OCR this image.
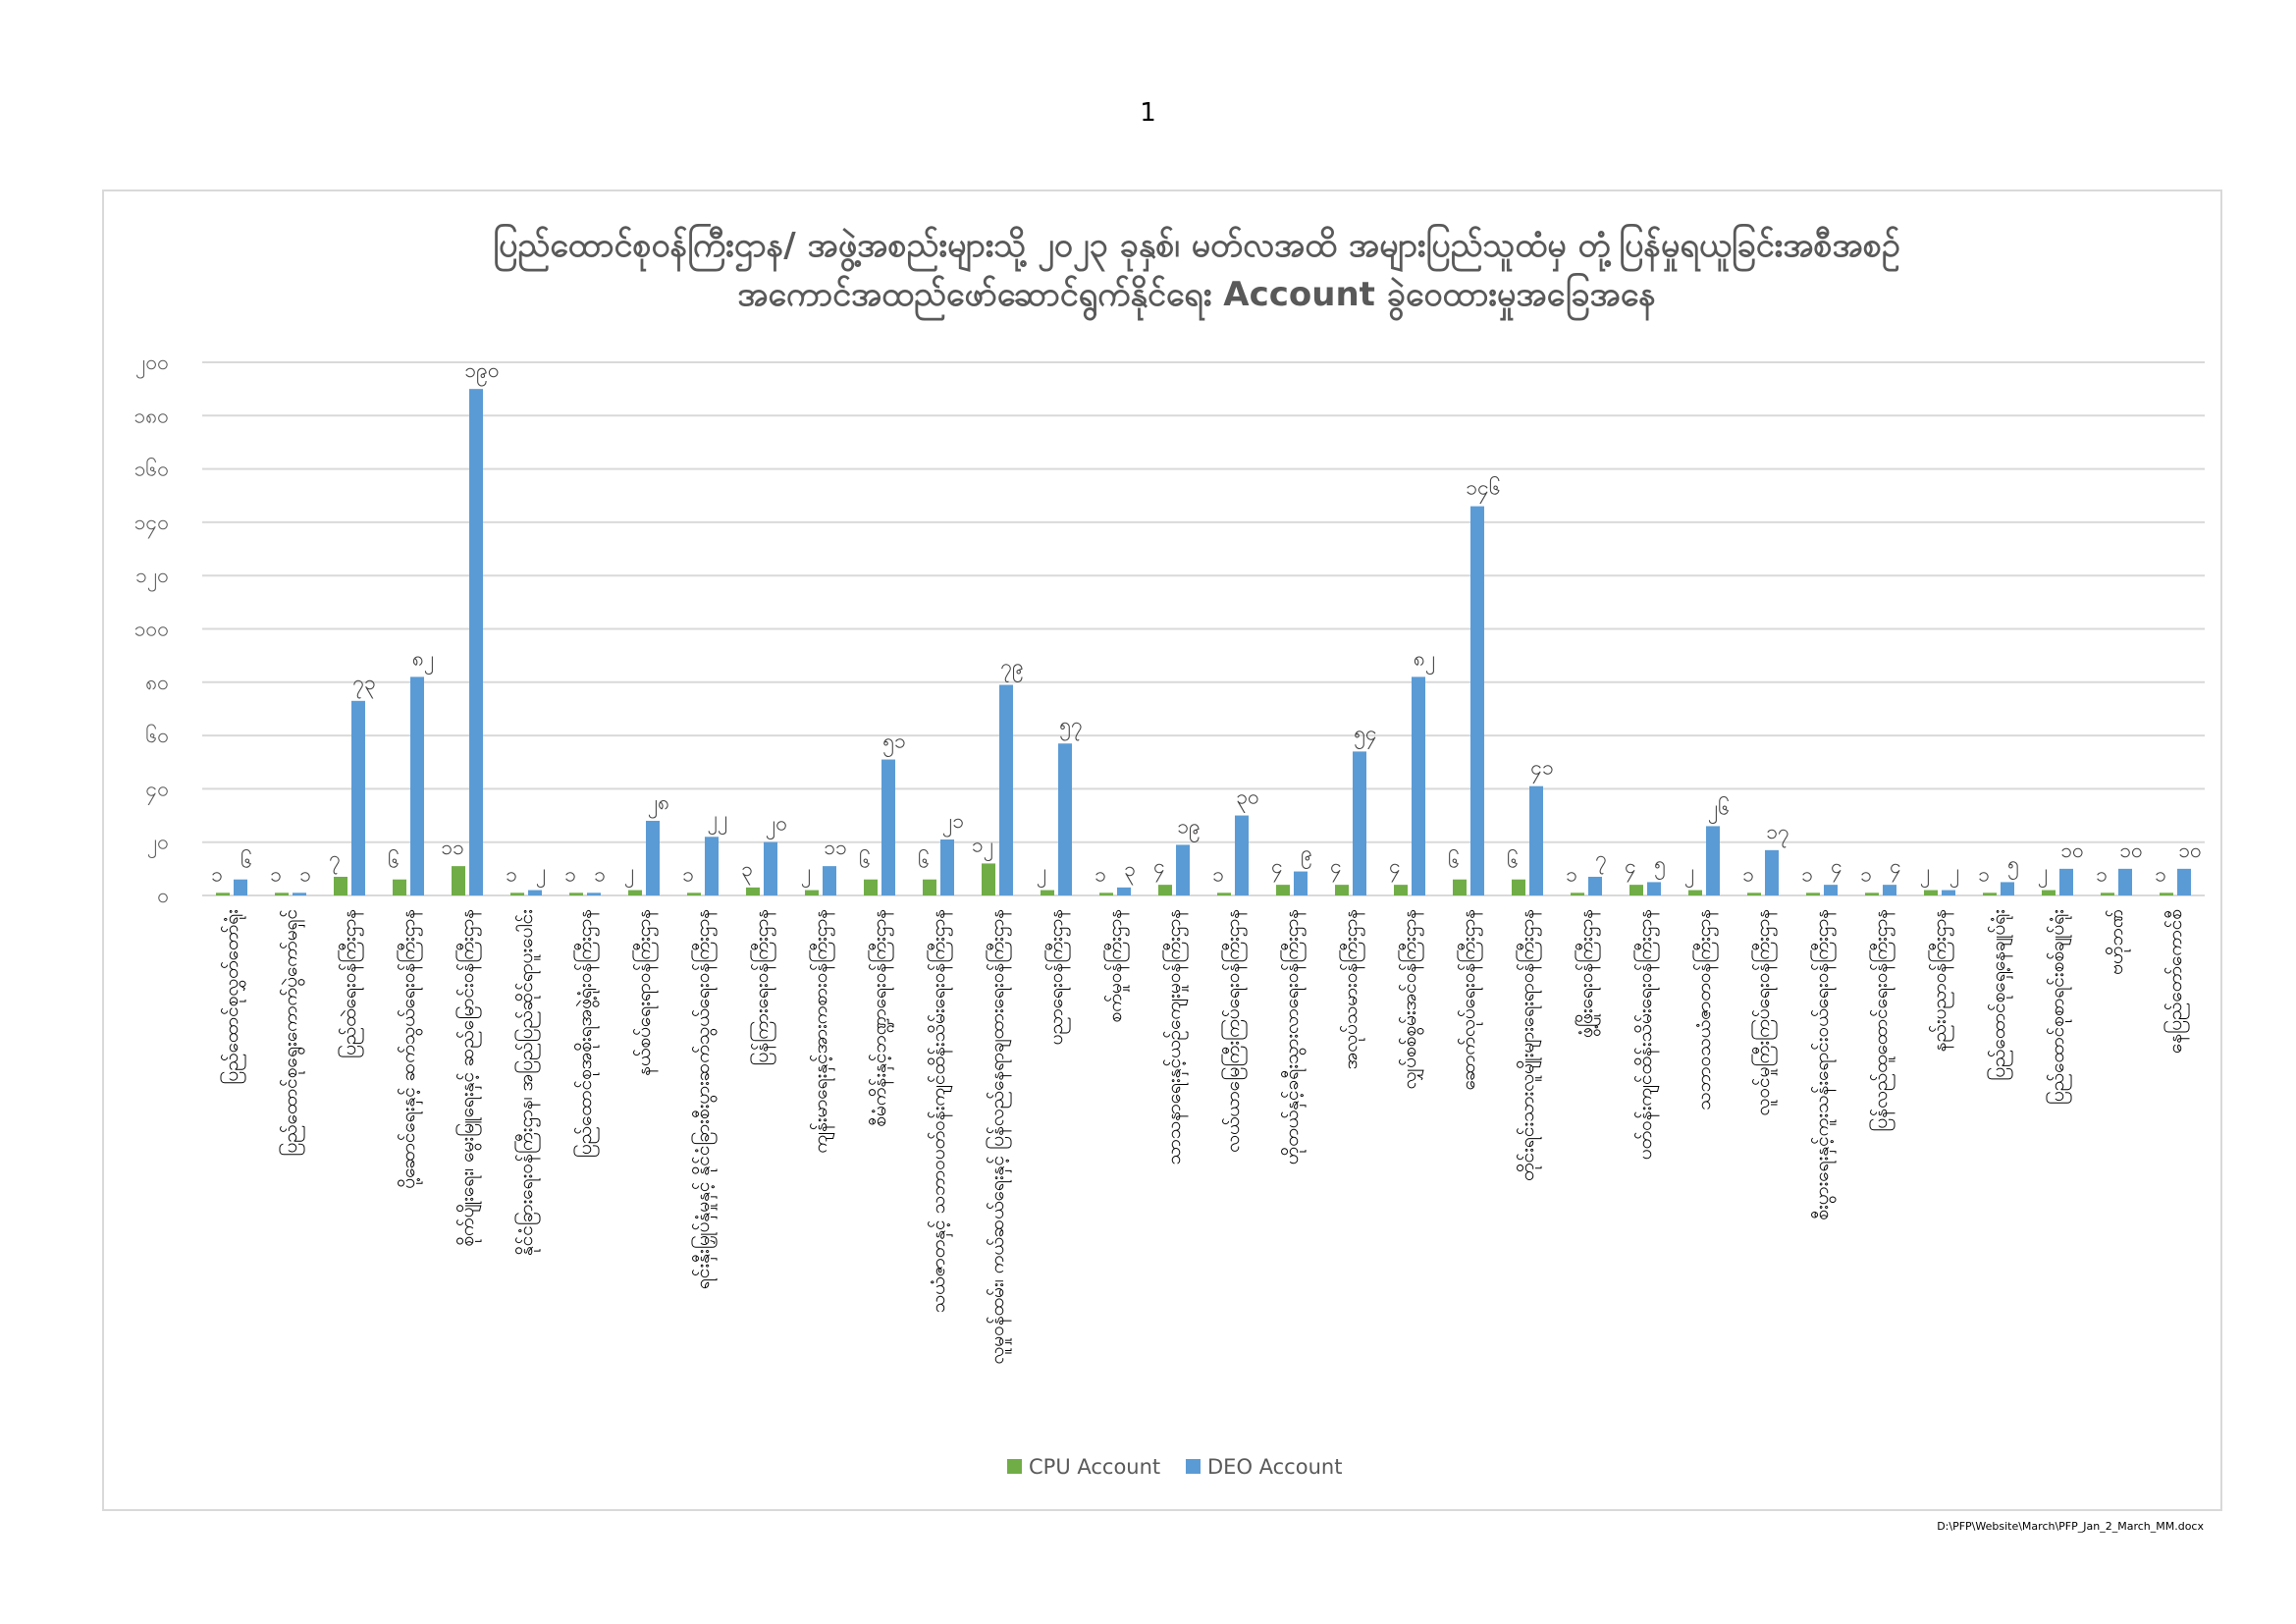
1
ပြည်ထောင်စုဝန်ကြီးဌာန/ အဖွဲ့အစည်းများသို့ ၂၀၂၃ ခုနှစ်၊ မတ်လအထိ အများပြည်သူထံမှ တုံ့ပြန်မှုရယူခြင်းအစီအစဉ်
အကောင်အထည်ဖော်ဆောင်ရွက်နိုင်ရေး Account ခွဲဝေထားမှုအခြေအနေ
၀
၂၀
၄၀
၆၀
၈၀
၁၀၀
၁၂၀
၁၄၀
၁၆၀
၁၈၀
၂၀၀
၁ ၁
၇ ၆
၁၁
၁ ၁ ၂ ၁ ၃ ၂ ၆ ၆
၁၂
၂ ၁ ၄ ၁ ၄ ၄ ၄ ၆ ၆
၁ ၄ ၂ ၁ ၁ ၁ ၂ ၁ ၂ ၁ ၁
၆
၁
၇၃
၈၂
၁၉၀
၂ ၁
၂၈
၂၂ ၂၀
၁၁
၅၁
၂၁
၇၉
၅၇
၃
၁၉
၃၀
၉
၅၄
၈၂
၁၄၆
၄၁
၇ ၅
၂၆
၁၇
၄ ၄ ၂ ၅
၁၀ ၁၀ ၁၀
ပြည်ထောင်စုလွှတ်တော်ရုံး ပြည်ထောင်စုရွေးကောက်ပွဲကော်မရှင် ပြည်ထဲရေးဝန်ကြီးဌာန ပို့ဆောင်ရေးနှင့် ဆက်သွယ်ရေးဝန်ကြီးဌာန စိုက်ပျိုးရေး၊ မွေးမြူရေးနှင့် ဆည်မြောင်းဝန်ကြီးဌာန နိုင်ငံခြားရေးဝန်ကြီးဌာန၊ အပြည်ပြည်ဆိုင်ရာပူးပေါင်း ပြည်ထောင်စုအစိုးရအဖွဲ့ရုံးဝန်ကြီးဌာန နယ်စပ်ရေးရာဝန်ကြီးဌာန ရင်းနှီးမြှုပ်နှံမှုနှင့် နိုင်ငံခြားစီးပွားဆက်သွယ်ရေးဝန်ကြီးဌာန ပြန်ကြားရေးဝန်ကြီးဌာန ကျန်းမာရေးနှင့်အားကစားဝန်ကြီးဌာန စီမံကိန်းနှင့်ဘဏ္ဍာရေးဝန်ကြီးဌာန သယံဇာတနှင့် သဘာဝပတ်ဝန်းကျင်ထိန်းသိမ်းရေးဝန်ကြီးဌာန လူမှုဝန်ထမ်း၊ ကယ်ဆယ်ရေးနှင့် ပြန်လည်နေရာချထားရေးဝန်ကြီးဌာန ပညာရေးဝန်ကြီးဌာန စက်မှုဝန်ကြီးဌာန သာသနာရေးနှင့်ယဉ်ကျေးမှုဝန်ကြီးဌာန လယ်ယာမြေကြီးကြပ်ရေးဝန်ကြီးဌာန ဟိုတယ်နှင့်ခရီးသွားလာရေးဝန်ကြီးဌာန အလုပ်သမားဝန်ကြီးဌာန လျှပ်စစ်စွမ်းအင်ဝန်ကြီးဌာန ဆောက်လုပ်ရေးဝန်ကြီးဌာန တိုင်းရင်းသားလူမျိုးများရေးရာဝန်ကြီးဌာန ဖွံ့ဖြိုးရေးဝန်ကြီးဌာန ပတ်ဝန်းကျင်ထိန်းသိမ်းရေးဝန်ကြီးဌာန သဘာဝသယံဇာတဝန်ကြီးဌာန လူဝင်မှုကြီးကြပ်ရေးဝန်ကြီးဌာန စီးပွားရေးနှင့်ကူးသန်းရောင်းဝယ်ရေးဝန်ကြီးဌာန ပြန်လည်ထူထောင်ရေးဝန်ကြီးဌာန နည်းပညာဝန်ကြီးဌာန ပြည်ထောင်စုရှေ့နေချုပ်ရုံး ပြည်ထောင်စုစာရင်းစစ်ချုပ်ရုံး ဗဟိုဘဏ် နေပြည်တော်ကောင်စီ
CPU Account DEO Account
D:\PFP\Website\March\PFP_Jan_2_March_MM.docx
